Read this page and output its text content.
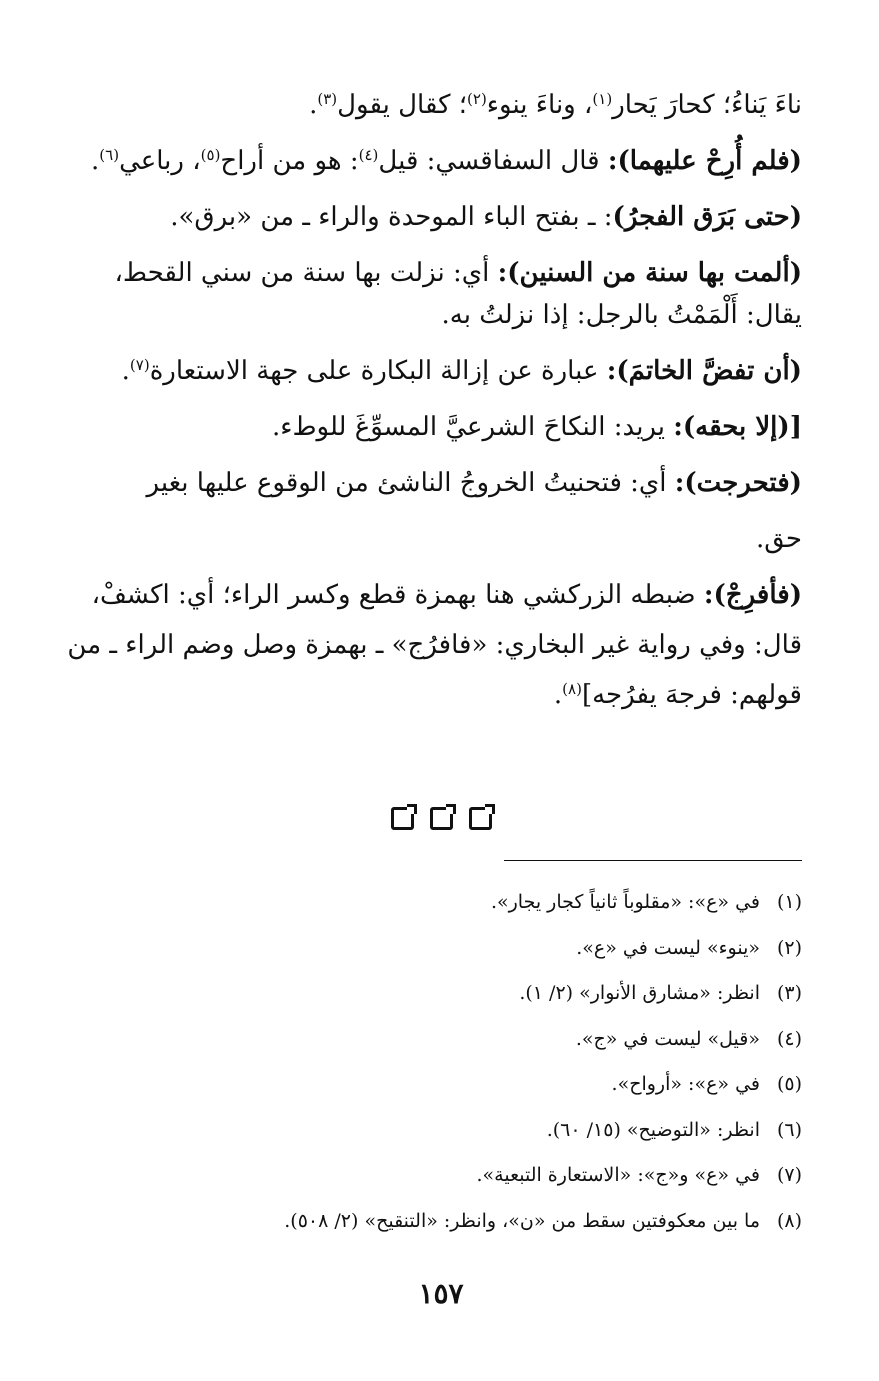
ناءَ يَناءُ؛ كحارَ يَحار$^{(١)}$، وناءَ ينوء$^{(٢)}$؛ كقال يقول$^{(٣)}$.

(فلم أُرِحْ عليهما): قال السفاقسي: قيل$^{(٤)}$: هو من أراح$^{(٥)}$، رباعي$^{(٦)}$.

(حتى بَرَق الفجرُ): ـ بفتح الباء الموحدة والراء ـ من «برق».

(ألمت بها سنة من السنين): أي: نزلت بها سنة من سني القحط،

يقال: أَلْمَمْتُ بالرجل: إذا نزلتُ به.

(أن تفضَّ الخاتمَ): عبارة عن إزالة البكارة على جهة الاستعارة$^{(٧)}$.

[(إلا بحقه): يريد: النكاحَ الشرعيَّ المسوِّغَ للوطء.

(فتحرجت): أي: فتحنيتُ الخروجُ الناشئ من الوقوع عليها بغير

حق.

(فأفرِجْ): ضبطه الزركشي هنا بهمزة قطع وكسر الراء؛ أي: اكشفْ،

قال: وفي رواية غير البخاري: «فافرُج» ـ بهمزة وصل وضم الراء ـ من

قولهم: فرجهَ يفرُجه]$^{(٨)}$.

(١)
في «ع»: «مقلوباً ثانياً كجار يجار».
(٢)
«ينوء» ليست في «ع».
(٣)
انظر: «مشارق الأنوار» (٢/ ١).
(٤)
«قيل» ليست في «ج».
(٥)
في «ع»: «أرواح».
(٦)
انظر: «التوضيح» (١٥/ ٦٠).
(٧)
في «ع» و«ج»: «الاستعارة التبعية».
(٨)
ما بين معكوفتين سقط من «ن»، وانظر: «التنقيح» (٢/ ٥٠٨).
١٥٧
